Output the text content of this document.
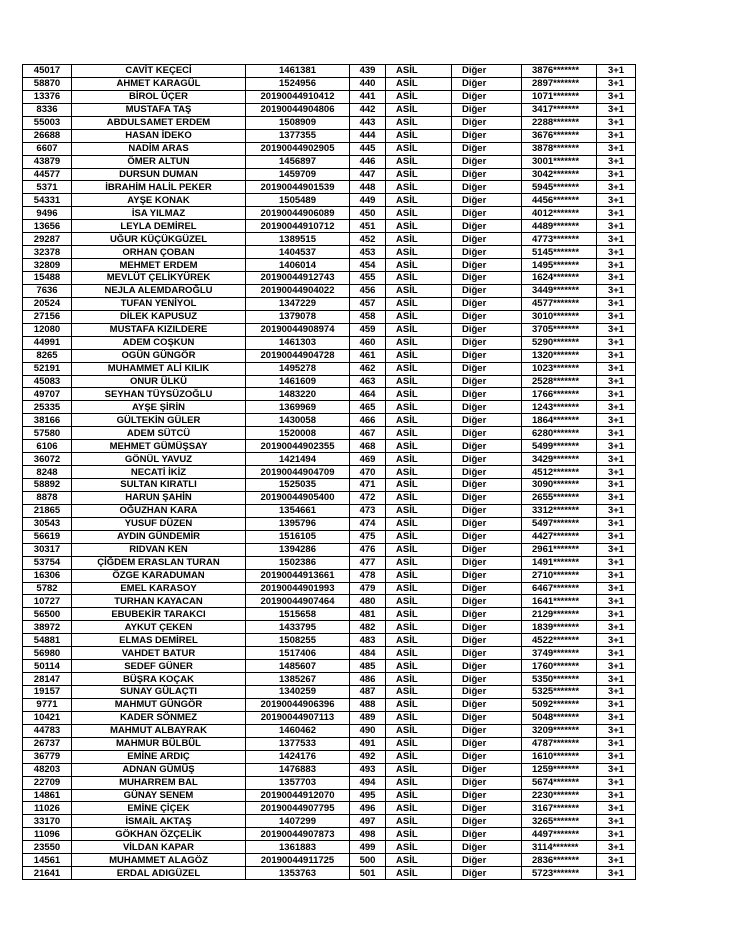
45017	CAVİT KEÇECİ	1461381	439	ASİL	Diğer	3876*******	3+1
58870	AHMET KARAGÜL	1524956	440	ASİL	Diğer	2897*******	3+1
13376	BİROL ÜÇER	20190044910412	441	ASİL	Diğer	1071*******	3+1
8336	MUSTAFA TAŞ	20190044904806	442	ASİL	Diğer	3417*******	3+1
55003	ABDULSAMET ERDEM	1508909	443	ASİL	Diğer	2288*******	3+1
26688	HASAN İDEKO	1377355	444	ASİL	Diğer	3676*******	3+1
6607	NADİM ARAS	20190044902905	445	ASİL	Diğer	3878*******	3+1
43879	ÖMER ALTUN	1456897	446	ASİL	Diğer	3001*******	3+1
44577	DURSUN DUMAN	1459709	447	ASİL	Diğer	3042*******	3+1
5371	İBRAHİM HALİL PEKER	20190044901539	448	ASİL	Diğer	5945*******	3+1
54331	AYŞE KONAK	1505489	449	ASİL	Diğer	4456*******	3+1
9496	İSA YILMAZ	20190044906089	450	ASİL	Diğer	4012*******	3+1
13656	LEYLA DEMİREL	20190044910712	451	ASİL	Diğer	4489*******	3+1
29287	UĞUR KÜÇÜKGÜZEL	1389515	452	ASİL	Diğer	4773*******	3+1
32378	ORHAN ÇOBAN	1404537	453	ASİL	Diğer	5145*******	3+1
32809	MEHMET ERDEM	1406014	454	ASİL	Diğer	1495*******	3+1
15488	MEVLÜT ÇELİKYÜREK	20190044912743	455	ASİL	Diğer	1624*******	3+1
7636	NEJLA ALEMDAROĞLU	20190044904022	456	ASİL	Diğer	3449*******	3+1
20524	TUFAN YENİYOL	1347229	457	ASİL	Diğer	4577*******	3+1
27156	DİLEK KAPUSUZ	1379078	458	ASİL	Diğer	3010*******	3+1
12080	MUSTAFA KIZILDERE	20190044908974	459	ASİL	Diğer	3705*******	3+1
44991	ADEM COŞKUN	1461303	460	ASİL	Diğer	5290*******	3+1
8265	OGÜN GÜNGÖR	20190044904728	461	ASİL	Diğer	1320*******	3+1
52191	MUHAMMET ALİ KILIK	1495278	462	ASİL	Diğer	1023*******	3+1
45083	ONUR ÜLKÜ	1461609	463	ASİL	Diğer	2528*******	3+1
49707	SEYHAN TÜYSÜZOĞLU	1483220	464	ASİL	Diğer	1766*******	3+1
25335	AYŞE ŞİRİN	1369969	465	ASİL	Diğer	1243*******	3+1
38166	GÜLTEKİN GÜLER	1430058	466	ASİL	Diğer	1864*******	3+1
57580	ADEM SÜTCÜ	1520008	467	ASİL	Diğer	6280*******	3+1
6106	MEHMET GÜMÜŞSAY	20190044902355	468	ASİL	Diğer	5499*******	3+1
36072	GÖNÜL YAVUZ	1421494	469	ASİL	Diğer	3429*******	3+1
8248	NECATİ İKİZ	20190044904709	470	ASİL	Diğer	4512*******	3+1
58892	SULTAN KIRATLI	1525035	471	ASİL	Diğer	3090*******	3+1
8878	HARUN ŞAHİN	20190044905400	472	ASİL	Diğer	2655*******	3+1
21865	OĞUZHAN KARA	1354661	473	ASİL	Diğer	3312*******	3+1
30543	YUSUF DÜZEN	1395796	474	ASİL	Diğer	5497*******	3+1
56619	AYDIN GÜNDEMİR	1516105	475	ASİL	Diğer	4427*******	3+1
30317	RIDVAN KEN	1394286	476	ASİL	Diğer	2961*******	3+1
53754	ÇİĞDEM ERASLAN TURAN	1502386	477	ASİL	Diğer	1491*******	3+1
16306	ÖZGE KARADUMAN	20190044913661	478	ASİL	Diğer	2710*******	3+1
5782	EMEL KARASOY	20190044901993	479	ASİL	Diğer	6467*******	3+1
10727	TURHAN KAYACAN	20190044907464	480	ASİL	Diğer	1641*******	3+1
56500	EBUBEKİR TARAKCI	1515658	481	ASİL	Diğer	2129*******	3+1
38972	AYKUT ÇEKEN	1433795	482	ASİL	Diğer	1839*******	3+1
54881	ELMAS DEMİREL	1508255	483	ASİL	Diğer	4522*******	3+1
56980	VAHDET BATUR	1517406	484	ASİL	Diğer	3749*******	3+1
50114	SEDEF GÜNER	1485607	485	ASİL	Diğer	1760*******	3+1
28147	BÜŞRA KOÇAK	1385267	486	ASİL	Diğer	5350*******	3+1
19157	SUNAY GÜLAÇTI	1340259	487	ASİL	Diğer	5325*******	3+1
9771	MAHMUT GÜNGÖR	20190044906396	488	ASİL	Diğer	5092*******	3+1
10421	KADER SÖNMEZ	20190044907113	489	ASİL	Diğer	5048*******	3+1
44783	MAHMUT ALBAYRAK	1460462	490	ASİL	Diğer	3209*******	3+1
26737	MAHMUR BÜLBÜL	1377533	491	ASİL	Diğer	4787*******	3+1
36779	EMİNE ARDIÇ	1424176	492	ASİL	Diğer	1610*******	3+1
48203	ADNAN GÜMÜŞ	1476883	493	ASİL	Diğer	1259*******	3+1
22709	MUHARREM BAL	1357703	494	ASİL	Diğer	5674*******	3+1
14861	GÜNAY SENEM	20190044912070	495	ASİL	Diğer	2230*******	3+1
11026	EMİNE ÇİÇEK	20190044907795	496	ASİL	Diğer	3167*******	3+1
33170	İSMAİL AKTAŞ	1407299	497	ASİL	Diğer	3265*******	3+1
11096	GÖKHAN ÖZÇELİK	20190044907873	498	ASİL	Diğer	4497*******	3+1
23550	VİLDAN KAPAR	1361883	499	ASİL	Diğer	3114*******	3+1
14561	MUHAMMET ALAGÖZ	20190044911725	500	ASİL	Diğer	2836*******	3+1
21641	ERDAL ADIGÜZEL	1353763	501	ASİL	Diğer	5723*******	3+1
